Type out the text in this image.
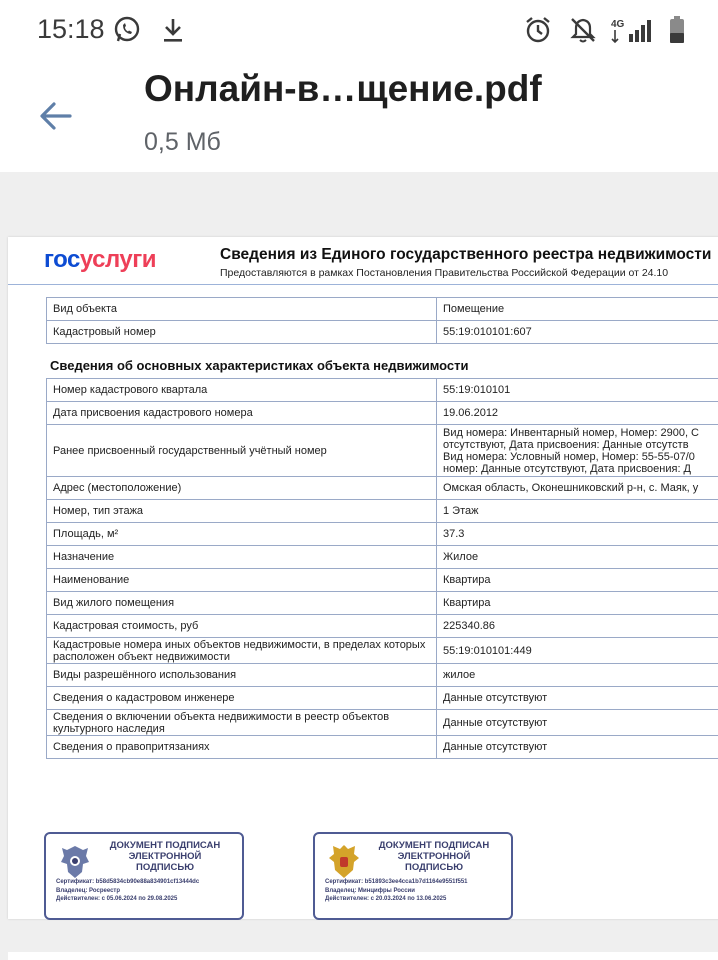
15:18	4G
Онлайн-в…щение.pdf
0,5 Мб
госуслуги	Сведения из Единого государственного реестра недвижимости
Предоставляются в рамках Постановления Правительства Российской Федерации от 24.10
Вид объекта	Помещение
Кадастровый номер	55:19:010101:607
Сведения об основных характеристиках объекта недвижимости
Номер кадастрового квартала	55:19:010101
Дата присвоения кадастрового номера	19.06.2012
Ранее присвоенный государственный учётный номер	Вид номера: Инвентарный номер, Номер: 2900, С
отсутствуют, Дата присвоения: Данные отсутств
Вид номера: Условный номер, Номер: 55-55-07/0
номер: Данные отсутствуют, Дата присвоения: Д

Адрес (местоположение)	Омская область, Оконешниковский р-н, с. Маяк, у
Номер, тип этажа	1 Этаж
Площадь, м²	37.3
Назначение	Жилое
Наименование	Квартира
Вид жилого помещения	Квартира
Кадастровая стоимость, руб	225340.86
Кадастровые номера иных объектов недвижимости, в пределах которых расположен объект недвижимости	55:19:010101:449
Виды разрешённого использования	жилое
Сведения о кадастровом инженере	Данные отсутствуют
Сведения о включении объекта недвижимости в реестр объектов культурного наследия	Данные отсутствуют
Сведения о правопритязаниях	Данные отсутствуют
ДОКУМЕНТ ПОДПИСАН
ЭЛЕКТРОННОЙ
ПОДПИСЬЮ
Сертификат: b58d5834cb90e88a834901cf13444dc
Владелец: Росреестр
Действителен: с 05.06.2024 по 29.08.2025
ДОКУМЕНТ ПОДПИСАН
ЭЛЕКТРОННОЙ
ПОДПИСЬЮ
Сертификат: b51893c3ee4cca1b7d1164e9551f551
Владелец: Минцифры России
Действителен: с 20.03.2024 по 13.06.2025
